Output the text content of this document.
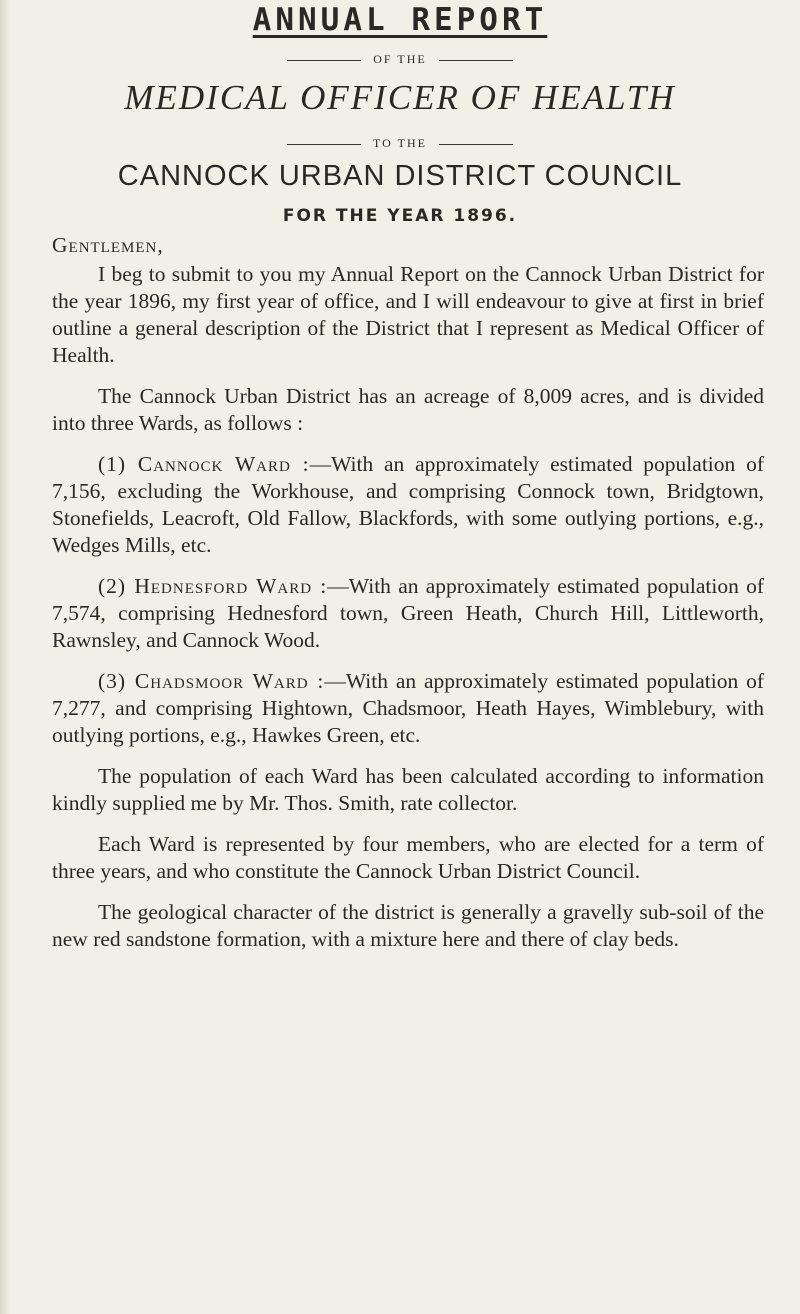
ANNUAL REPORT
OF THE
MEDICAL OFFICER OF HEALTH
TO THE
CANNOCK URBAN DISTRICT COUNCIL
FOR THE YEAR 1896.

Gentlemen,

I beg to submit to you my Annual Report on the Cannock Urban District for the year 1896, my first year of office, and I will endeavour to give at first in brief outline a general description of the District that I represent as Medical Officer of Health.

The Cannock Urban District has an acreage of 8,009 acres, and is divided into three Wards, as follows :

(1) Cannock Ward :—With an approximately estimated population of 7,156, excluding the Workhouse, and comprising Connock town, Bridgtown, Stonefields, Leacroft, Old Fallow, Blackfords, with some outlying portions, e.g., Wedges Mills, etc.

(2) Hednesford Ward :—With an approximately estimated population of 7,574, comprising Hednesford town, Green Heath, Church Hill, Littleworth, Rawnsley, and Cannock Wood.

(3) Chadsmoor Ward :—With an approximately estimated population of 7,277, and comprising Hightown, Chadsmoor, Heath Hayes, Wimblebury, with outlying portions, e.g., Hawkes Green, etc.

The population of each Ward has been calculated according to information kindly supplied me by Mr. Thos. Smith, rate collector.

Each Ward is represented by four members, who are elected for a term of three years, and who constitute the Cannock Urban District Council.

The geological character of the district is generally a gravelly sub-soil of the new red sandstone formation, with a mixture here and there of clay beds.
